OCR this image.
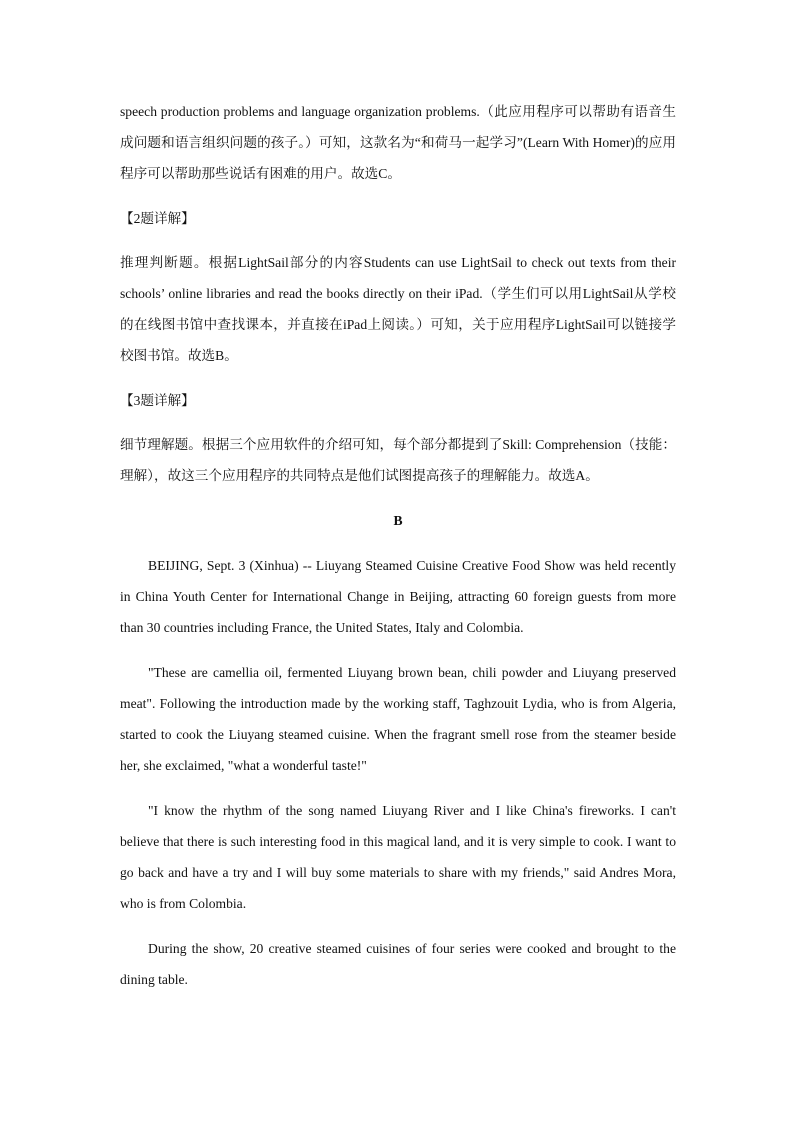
speech production problems and language organization problems.（此应用程序可以帮助有语音生成问题和语言组织问题的孩子。）可知，这款名为“和荷马一起学习”(Learn With Homer)的应用程序可以帮助那些说话有困难的用户。故选C。

【2题详解】

推理判断题。根据LightSail部分的内容Students can use LightSail to check out texts from their schools’ online libraries and read the books directly on their iPad.（学生们可以用LightSail从学校的在线图书馆中查找课本，并直接在iPad上阅读。）可知，关于应用程序LightSail可以链接学校图书馆。故选B。

【3题详解】

细节理解题。根据三个应用软件的介绍可知，每个部分都提到了Skill: Comprehension（技能：理解），故这三个应用程序的共同特点是他们试图提高孩子的理解能力。故选A。

B

BEIJING, Sept. 3 (Xinhua) -- Liuyang Steamed Cuisine Creative Food Show was held recently in China Youth Center for International Change in Beijing, attracting 60 foreign guests from more than 30 countries including France, the United States, Italy and Colombia.

"These are camellia oil, fermented Liuyang brown bean, chili powder and Liuyang preserved meat". Following the introduction made by the working staff, Taghzouit Lydia, who is from Algeria, started to cook the Liuyang steamed cuisine. When the fragrant smell rose from the steamer beside her, she exclaimed, "what a wonderful taste!"

"I know the rhythm of the song named Liuyang River and I like China's fireworks. I can't believe that there is such interesting food in this magical land, and it is very simple to cook. I want to go back and have a try and I will buy some materials to share with my friends," said Andres Mora, who is from Colombia.

During the show, 20 creative steamed cuisines of four series were cooked and brought to the dining table.
